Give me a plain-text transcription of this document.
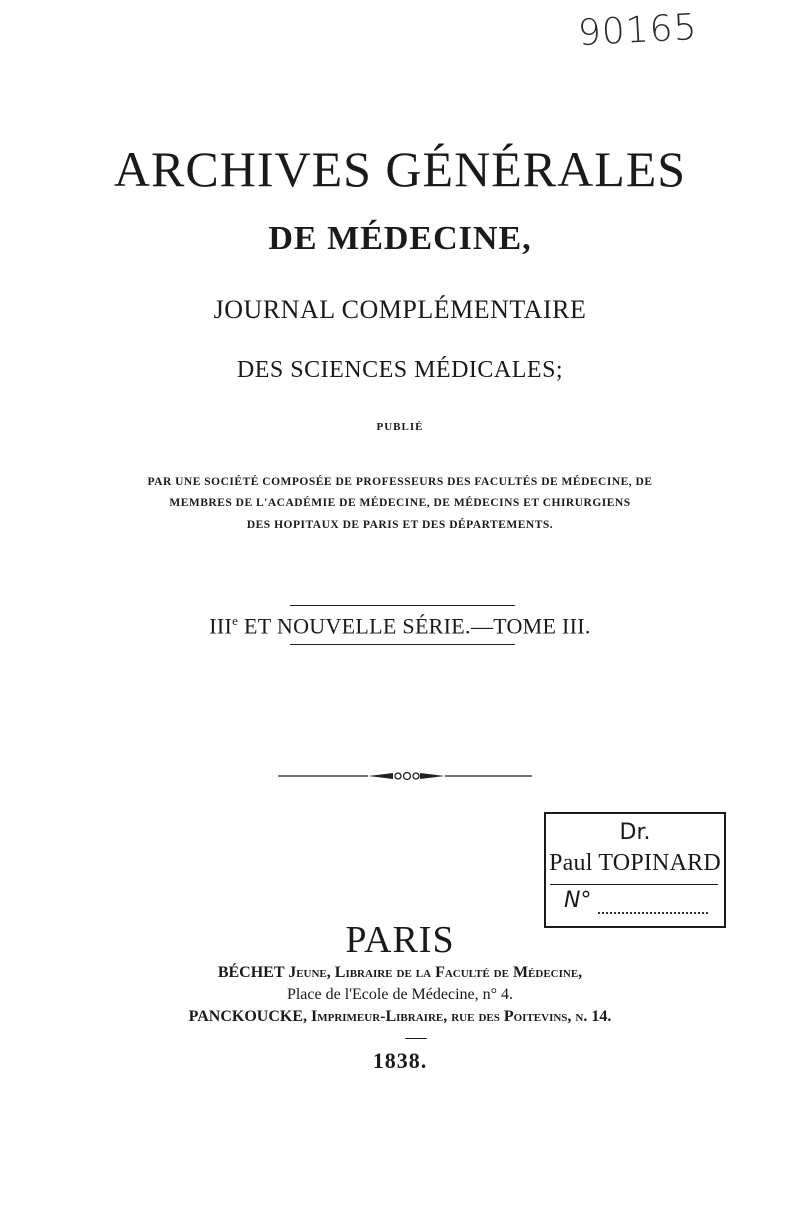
90165
ARCHIVES GÉNÉRALES
DE MÉDECINE,
JOURNAL COMPLÉMENTAIRE
DES SCIENCES MÉDICALES;
PUBLIÉ
PAR UNE SOCIÉTÉ COMPOSÉE DE PROFESSEURS DES FACULTÉS DE MÉDECINE, DE
MEMBRES DE L'ACADÉMIE DE MÉDECINE, DE MÉDECINS ET CHIRURGIENS
DES HOPITAUX DE PARIS ET DES DÉPARTEMENTS.
IIIe ET NOUVELLE SÉRIE.—TOME III.
Dr.
Paul TOPINARD
N°
PARIS
BÉCHET Jeune, Libraire de la Faculté de Médecine,
Place de l'Ecole de Médecine, n° 4.
PANCKOUCKE, Imprimeur-Libraire, rue des Poitevins, n. 14.
1838.
